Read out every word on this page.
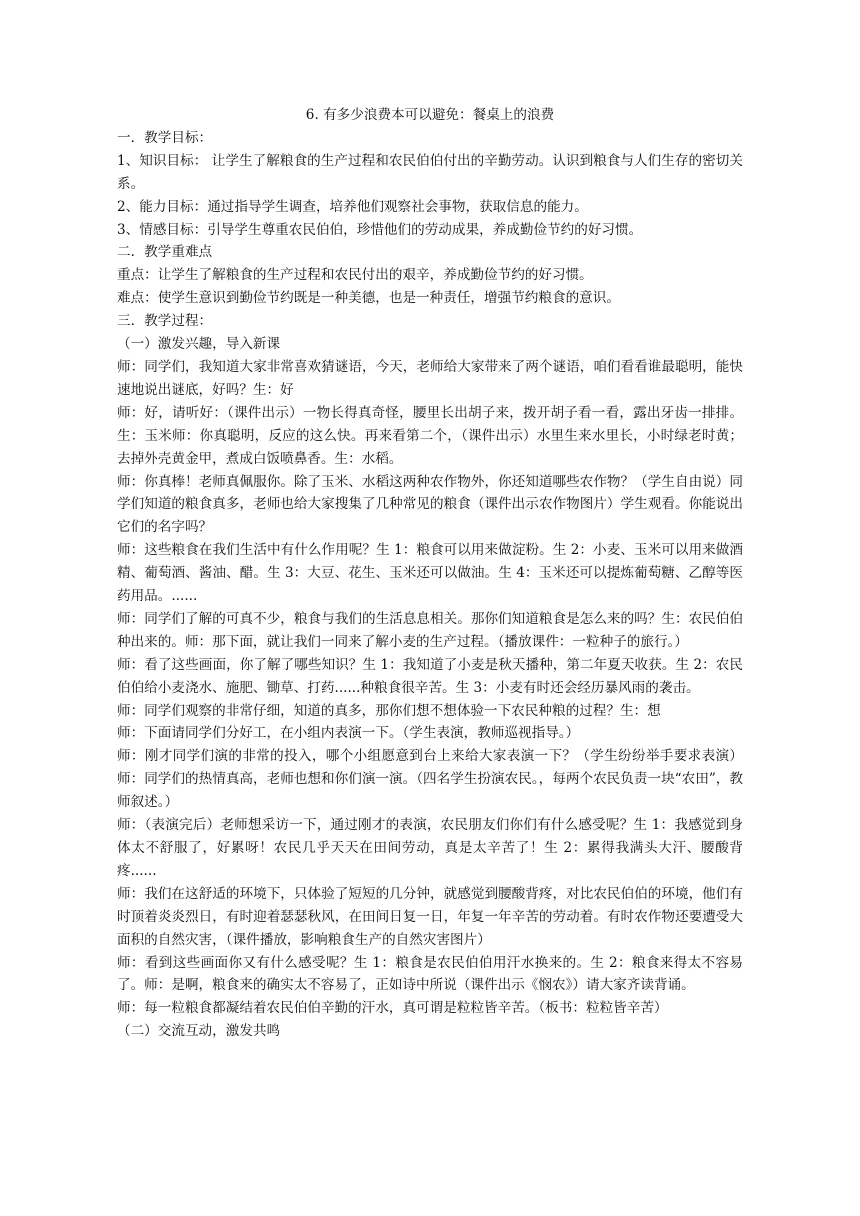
6. 有多少浪费本可以避免：餐桌上的浪费

一．教学目标：

1、知识目标： 让学生了解粮食的生产过程和农民伯伯付出的辛勤劳动。认识到粮食与人们生存的密切关系。

2、能力目标：通过指导学生调查，培养他们观察社会事物，获取信息的能力。

3、情感目标：引导学生尊重农民伯伯，珍惜他们的劳动成果，养成勤俭节约的好习惯。

二．教学重难点

重点：让学生了解粮食的生产过程和农民付出的艰辛，养成勤俭节约的好习惯。

难点：使学生意识到勤俭节约既是一种美德，也是一种责任，增强节约粮食的意识。

三．教学过程：

（一）激发兴趣，导入新课

师：同学们，我知道大家非常喜欢猜谜语，今天，老师给大家带来了两个谜语，咱们看看谁最聪明，能快速地说出谜底，好吗？生：好

师：好，请听好：（课件出示）一物长得真奇怪，腰里长出胡子来，拨开胡子看一看，露出牙齿一排排。生：玉米师：你真聪明，反应的这么快。再来看第二个，（课件出示）水里生来水里长，小时绿老时黄；去掉外壳黄金甲，煮成白饭喷鼻香。生：水稻。

师：你真棒！老师真佩服你。除了玉米、水稻这两种农作物外，你还知道哪些农作物？（学生自由说）同学们知道的粮食真多，老师也给大家搜集了几种常见的粮食（课件出示农作物图片）学生观看。你能说出它们的名字吗？

师：这些粮食在我们生活中有什么作用呢？生 1：粮食可以用来做淀粉。生 2：小麦、玉米可以用来做酒精、葡萄酒、酱油、醋。生 3：大豆、花生、玉米还可以做油。生 4：玉米还可以提炼葡萄糖、乙醇等医药用品。......

师：同学们了解的可真不少，粮食与我们的生活息息相关。那你们知道粮食是怎么来的吗？生：农民伯伯种出来的。师：那下面，就让我们一同来了解小麦的生产过程。（播放课件：一粒种子的旅行。）

师：看了这些画面，你了解了哪些知识？生 1：我知道了小麦是秋天播种，第二年夏天收获。生 2：农民伯伯给小麦浇水、施肥、锄草、打药......种粮食很辛苦。生 3：小麦有时还会经历暴风雨的袭击。

师：同学们观察的非常仔细，知道的真多，那你们想不想体验一下农民种粮的过程？生：想

师：下面请同学们分好工，在小组内表演一下。（学生表演，教师巡视指导。）

师：刚才同学们演的非常的投入，哪个小组愿意到台上来给大家表演一下？（学生纷纷举手要求表演）师：同学们的热情真高，老师也想和你们演一演。（四名学生扮演农民。，每两个农民负责一块“农田”，教师叙述。）

师：（表演完后）老师想采访一下，通过刚才的表演，农民朋友们你们有什么感受呢？生 1：我感觉到身体太不舒服了，好累呀！农民几乎天天在田间劳动，真是太辛苦了！生 2：累得我满头大汗、腰酸背疼......

师：我们在这舒适的环境下，只体验了短短的几分钟，就感觉到腰酸背疼，对比农民伯伯的环境，他们有时顶着炎炎烈日，有时迎着瑟瑟秋风，在田间日复一日，年复一年辛苦的劳动着。有时农作物还要遭受大面积的自然灾害，（课件播放，影响粮食生产的自然灾害图片）

师：看到这些画面你又有什么感受呢？生 1：粮食是农民伯伯用汗水换来的。生 2：粮食来得太不容易了。师：是啊，粮食来的确实太不容易了，正如诗中所说（课件出示《悯农》）请大家齐读背诵。

师：每一粒粮食都凝结着农民伯伯辛勤的汗水，真可谓是粒粒皆辛苦。（板书：粒粒皆辛苦）

（二）交流互动，激发共鸣
